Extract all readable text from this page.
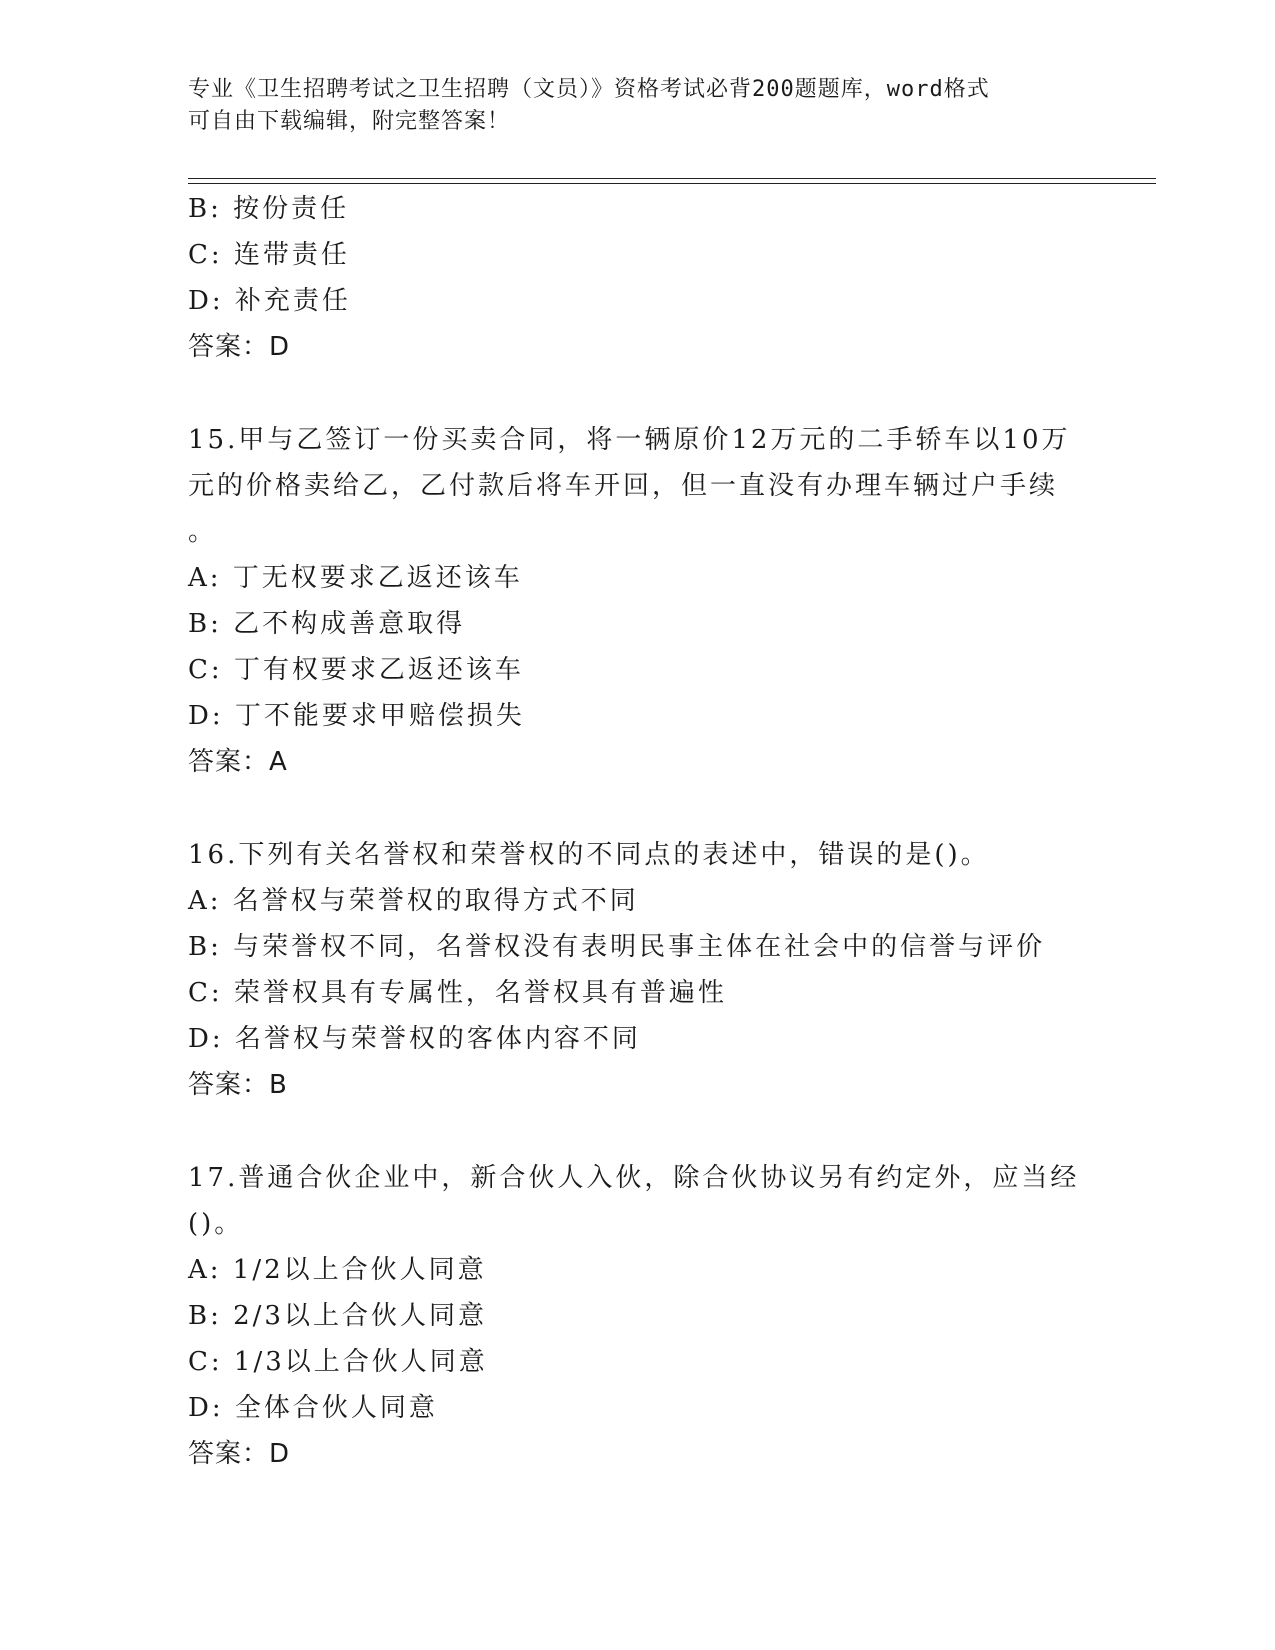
专业《卫生招聘考试之卫生招聘（文员）》资格考试必背200题题库，word格式
可自由下载编辑，附完整答案！
B: 按份责任
C: 连带责任
D: 补充责任
答案：D
15.甲与乙签订一份买卖合同，将一辆原价12万元的二手轿车以10万
元的价格卖给乙，乙付款后将车开回，但一直没有办理车辆过户手续
。
A: 丁无权要求乙返还该车
B: 乙不构成善意取得
C: 丁有权要求乙返还该车
D: 丁不能要求甲赔偿损失
答案：A
16.下列有关名誉权和荣誉权的不同点的表述中，错误的是()。
A: 名誉权与荣誉权的取得方式不同
B: 与荣誉权不同，名誉权没有表明民事主体在社会中的信誉与评价
C: 荣誉权具有专属性，名誉权具有普遍性
D: 名誉权与荣誉权的客体内容不同
答案：B
17.普通合伙企业中，新合伙人入伙，除合伙协议另有约定外，应当经
()。
A: 1/2以上合伙人同意
B: 2/3以上合伙人同意
C: 1/3以上合伙人同意
D: 全体合伙人同意
答案：D
